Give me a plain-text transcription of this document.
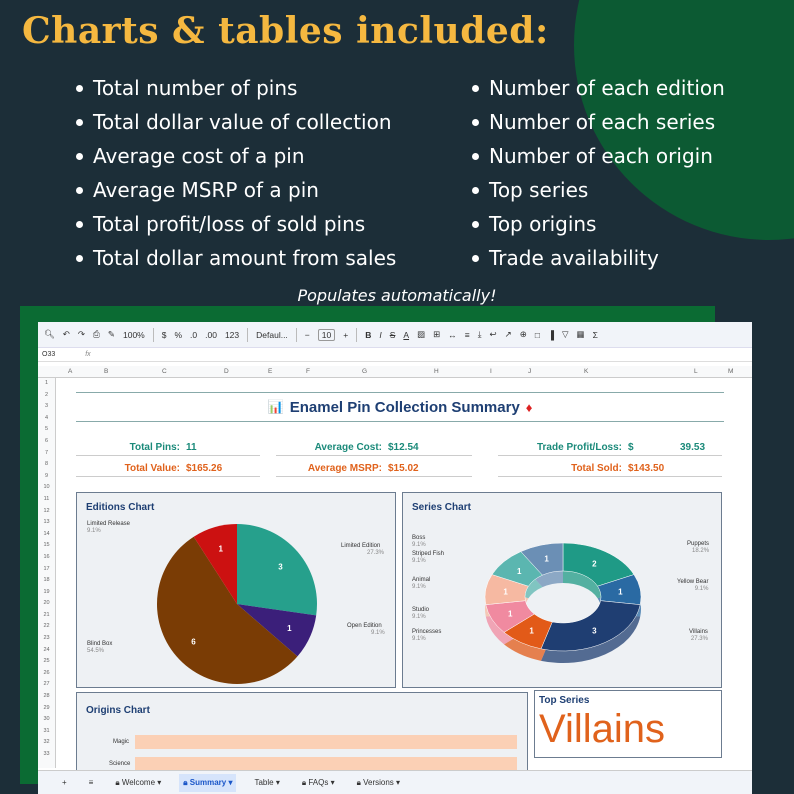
Charts & tables included:
Total number of pins
Total dollar value of collection
Average cost of a pin
Average MSRP of a pin
Total profit/loss of sold pins
Total dollar amount from sales
Number of each edition
Number of each series
Number of each origin
Top series
Top origins
Trade availability
Populates automatically!
🔍︎ ↶ ↷ ⎙ ✎ 100% $ % .0 .00 123 Defaul... −	10	+ B I S A ▨ ⊞ ↔ ≡ ⤓ ↩ ↗ ⊕ □ ▐ ▽ ▦ Σ
O33	fx
A	B	C	D	E	F	G	H	I	J	K	L	M
1
2
3
4
5
6
7
8
9
10
11
12
13
14
15
16
17
18
19
20
21
22
23
24
25
26
27
28
29
30
31
32
33
📊 Enamel Pin Collection Summary ♦
Total Pins: 11	Average Cost: $12.54	Trade Profit/Loss: $	39.53
Total Value: $165.26	Average MSRP: $15.02	Total Sold: $143.50
Editions Chart
3
1
6
1
Limited Release
9.1%
Limited Edition
27.3%
Open Edition
9.1%
Blind Box
54.5%
Series Chart
2
1
3
1
1
1
1
1
Boss
9.1%
Striped Fish
9.1%
Animal
9.1%
Studio
9.1%
Princesses
9.1%
Puppets
18.2%
Yellow Bear
9.1%
Villains
27.3%
Origins Chart
Magic
Science
Top Series
Villains
+	≡	🔒︎ Welcome ▾	🔒︎ Summary ▾	Table ▾	🔒︎ FAQs ▾	🔒︎ Versions ▾
